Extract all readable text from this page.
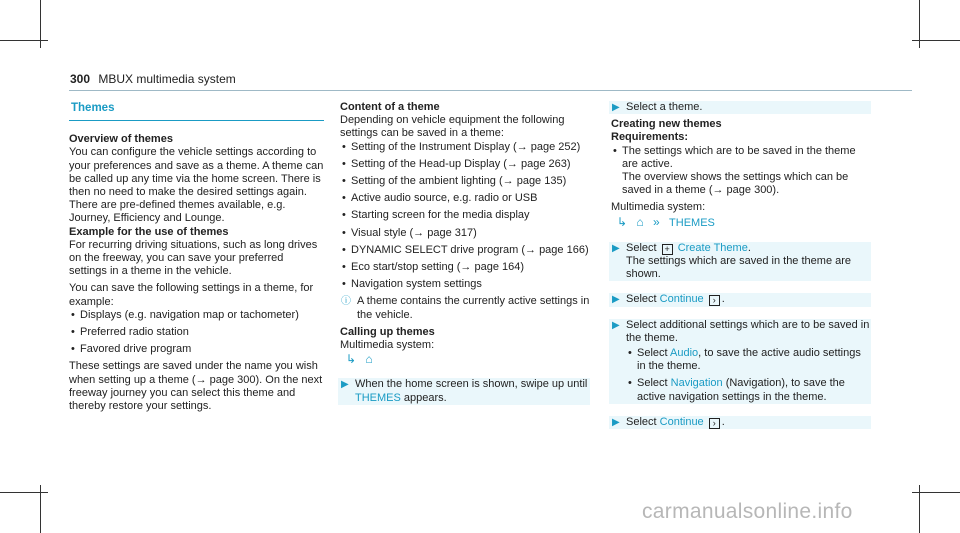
300 MBUX multimedia system
Themes

Overview of themes

You can configure the vehicle settings according to your preferences and save as a theme. A theme can be called up any time via the home screen. There is then no need to make the desired settings again.

There are pre-defined themes available, e.g. Journey, Efficiency and Lounge.

Example for the use of themes

For recurring driving situations, such as long drives on the freeway, you can save your preferred settings in a theme in the vehicle.

You can save the following settings in a theme, for example:

• Displays (e.g. navigation map or tachometer)
• Preferred radio station
• Favored drive program

These settings are saved under the name you wish when setting up a theme (→ page 300). On the next freeway journey you can select this theme and thereby restore your settings.

Content of a theme

Depending on vehicle equipment the following settings can be saved in a theme:

• Setting of the Instrument Display (→ page 252)
• Setting of the Head-up Display (→ page 263)
• Setting of the ambient lighting (→ page 135)
• Active audio source, e.g. radio or USB
• Starting screen for the media display
• Visual style (→ page 317)
• DYNAMIC SELECT drive program (→ page 166)
• Eco start/stop setting (→ page 164)
• Navigation system settings
ⓘ A theme contains the currently active settings in the vehicle.

Calling up themes

Multimedia system:

↳ ⌂
▶ When the home screen is shown, swipe up until THEMES appears.
▶ Select a theme.

Creating new themes

Requirements:

• The settings which are to be saved in the theme are active.
The overview shows the settings which can be saved in a theme (→ page 300).

Multimedia system:

↳ ⌂ » THEMES
▶ Select + Create Theme.
The settings which are saved in the theme are shown.
▶ Select Continue › .
▶ Select additional settings which are to be saved in the theme.
• Select Audio, to save the active audio settings in the theme.
• Select Navigation (Navigation), to save the active navigation settings in the theme.
▶ Select Continue › .
carmanualsonline.info
